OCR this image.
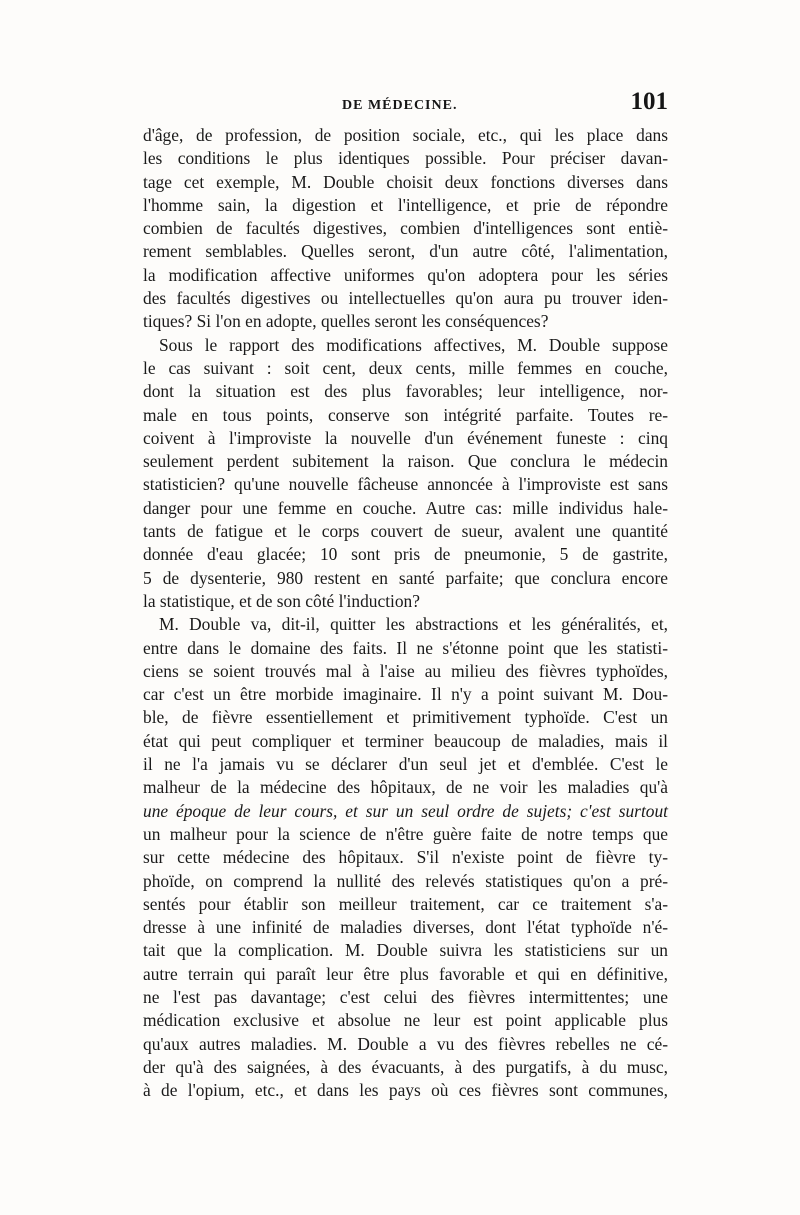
DE MÉDECINE.	101
d'âge, de profession, de position sociale, etc., qui les place dans
les conditions le plus identiques possible. Pour préciser davan-
tage cet exemple, M. Double choisit deux fonctions diverses dans
l'homme sain, la digestion et l'intelligence, et prie de répondre
combien de facultés digestives, combien d'intelligences sont entiè-
rement semblables. Quelles seront, d'un autre côté, l'alimentation,
la modification affective uniformes qu'on adoptera pour les séries
des facultés digestives ou intellectuelles qu'on aura pu trouver iden-
tiques? Si l'on en adopte, quelles seront les conséquences?
Sous le rapport des modifications affectives, M. Double suppose
le cas suivant : soit cent, deux cents, mille femmes en couche,
dont la situation est des plus favorables; leur intelligence, nor-
male en tous points, conserve son intégrité parfaite. Toutes re-
coivent à l'improviste la nouvelle d'un événement funeste : cinq
seulement perdent subitement la raison. Que conclura le médecin
statisticien? qu'une nouvelle fâcheuse annoncée à l'improviste est sans
danger pour une femme en couche. Autre cas: mille individus hale-
tants de fatigue et le corps couvert de sueur, avalent une quantité
donnée d'eau glacée; 10 sont pris de pneumonie, 5 de gastrite,
5 de dysenterie, 980 restent en santé parfaite; que conclura encore
la statistique, et de son côté l'induction?
M. Double va, dit-il, quitter les abstractions et les généralités, et,
entre dans le domaine des faits. Il ne s'étonne point que les statisti-
ciens se soient trouvés mal à l'aise au milieu des fièvres typhoïdes,
car c'est un être morbide imaginaire. Il n'y a point suivant M. Dou-
ble, de fièvre essentiellement et primitivement typhoïde. C'est un
état qui peut compliquer et terminer beaucoup de maladies, mais il
il ne l'a jamais vu se déclarer d'un seul jet et d'emblée. C'est le
malheur de la médecine des hôpitaux, de ne voir les maladies qu'à
une époque de leur cours, et sur un seul ordre de sujets; c'est surtout
un malheur pour la science de n'être guère faite de notre temps que
sur cette médecine des hôpitaux. S'il n'existe point de fièvre ty-
phoïde, on comprend la nullité des relevés statistiques qu'on a pré-
sentés pour établir son meilleur traitement, car ce traitement s'a-
dresse à une infinité de maladies diverses, dont l'état typhoïde n'é-
tait que la complication. M. Double suivra les statisticiens sur un
autre terrain qui paraît leur être plus favorable et qui en définitive,
ne l'est pas davantage; c'est celui des fièvres intermittentes; une
médication exclusive et absolue ne leur est point applicable plus
qu'aux autres maladies. M. Double a vu des fièvres rebelles ne cé-
der qu'à des saignées, à des évacuants, à des purgatifs, à du musc,
à de l'opium, etc., et dans les pays où ces fièvres sont communes,
